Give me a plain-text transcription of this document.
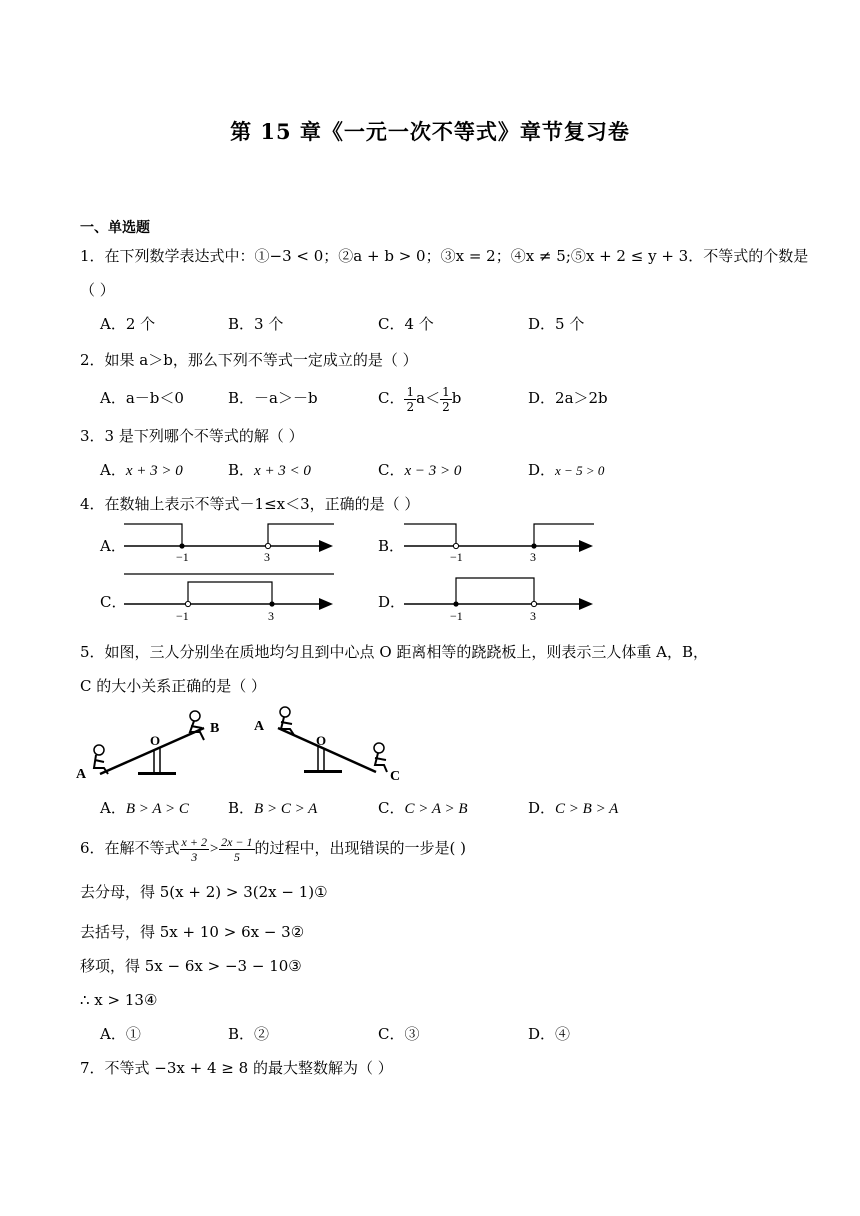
第 15 章《一元一次不等式》章节复习卷
一、单选题
1．在下列数学表达式中：①−3 < 0；②a + b > 0；③x = 2；④x ≠ 5;⑤x + 2 ≤ y + 3．不等式的个数是
（ ）
A．2 个	B．3 个	C．4 个	D．5 个
2．如果 a＞b，那么下列不等式一定成立的是（ ）
A．a－b＜0	B．－a＞－b	C． $\frac{1}{2} a< \frac{1}{2}$ b	D．2a＞2b
3．3 是下列哪个不等式的解（ ）
A．x + 3 > 0	B．x + 3 < 0	C．x − 3 > 0	D．x − 5 > 0
4．在数轴上表示不等式－1≤x＜3，正确的是（ ）
A．	B．
C．	D．
−1	3	−1	3
−1	3	−1	3
5．如图，三人分别坐在质地均匀且到中心点 O 距离相等的跷跷板上，则表示三人体重 A，B，
C 的大小关系正确的是（ ）
A
O
B A
O
C
A．B > A > C	B．B > C > A	C．C > A > B	D．C > B > A
6．在解不等式 $\frac{x + 2}{3} > \frac{2x - 1}{5}$ 的过程中，出现错误的一步是( )
去分母，得 5(x + 2) > 3(2x − 1)①
去括号，得 5x + 10 > 6x − 3②
移项，得 5x − 6x > −3 − 10③
∴ x > 13④
A．①	B．②	C．③	D．④
7．不等式 −3x + 4 ≥ 8 的最大整数解为（ ）
